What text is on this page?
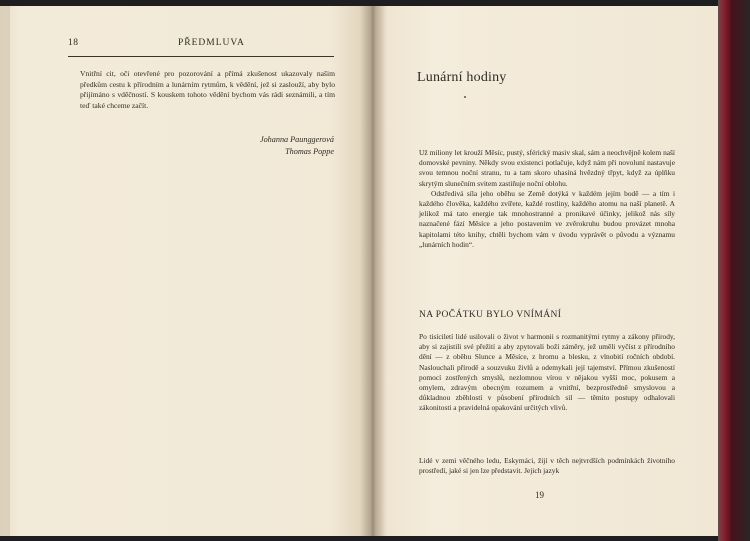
18	PŘEDMLUVA

Vnitřní cit, oči otevřené pro pozorování a přímá zkušenost ukazovaly našim předkům cestu k přírodním a lunárním rytmům, k vědění, jež si zaslouží, aby bylo přijímáno s vděčností. S kouskem tohoto vědění bychom vás rádi seznámili, a tím teď také chceme začít.

Johanna Paunggerová
Thomas Poppe
Lunární hodiny

Už miliony let krouží Měsíc, pustý, sférický masiv skal, sám a neochvějně kolem naší domovské pevniny. Někdy svou existenci potlačuje, když nám při novoluní nastavuje svou temnou noční stranu, tu a tam skoro uhasíná hvězdný třpyt, když za úplňku skrytým slunečním svitem zastiňuje noční oblohu.

Odstředivá síla jeho oběhu se Země dotýká v každém jejím bodě — a tím i každého člověka, každého zvířete, každé rostliny, každého atomu na naší planetě. A jelikož má tato energie tak mnohostranné a pronikavé účinky, jelikož nás síly naznačené fází Měsíce a jeho postavením ve zvěrokruhu budou provázet mnoha kapitolami této knihy, chtěli bychom vám v úvodu vyprávět o původu a významu „lunárních hodin“.

NA POČÁTKU BYLO VNÍMÁNÍ

Po tisíciletí lidé usilovali o život v harmonii s rozmanitými rytmy a zákony přírody, aby si zajistili své přežití a aby zpytovali boží záměry, jež uměli vyčíst z přírodního dění — z oběhu Slunce a Měsíce, z hromu a blesku, z vlnobití ročních období. Naslouchali přírodě a souzvuku živlů a odemykali její tajemství. Přímou zkušeností pomocí zostřených smyslů, nezlomnou vírou v nějakou vyšší moc, pokusem a omylem, zdravým obecným rozumem a vnitřní, bezprostředně smyslovou a důkladnou zběhlostí v působení přírodních sil — těmito postupy odhalovali zákonitosti a pravidelná opakování určitých vlivů.

Lidé v zemi věčného ledu, Eskymáci, žijí v těch nejtvrdších podmínkách životního prostředí, jaké si jen lze představit. Jejich jazyk

19
